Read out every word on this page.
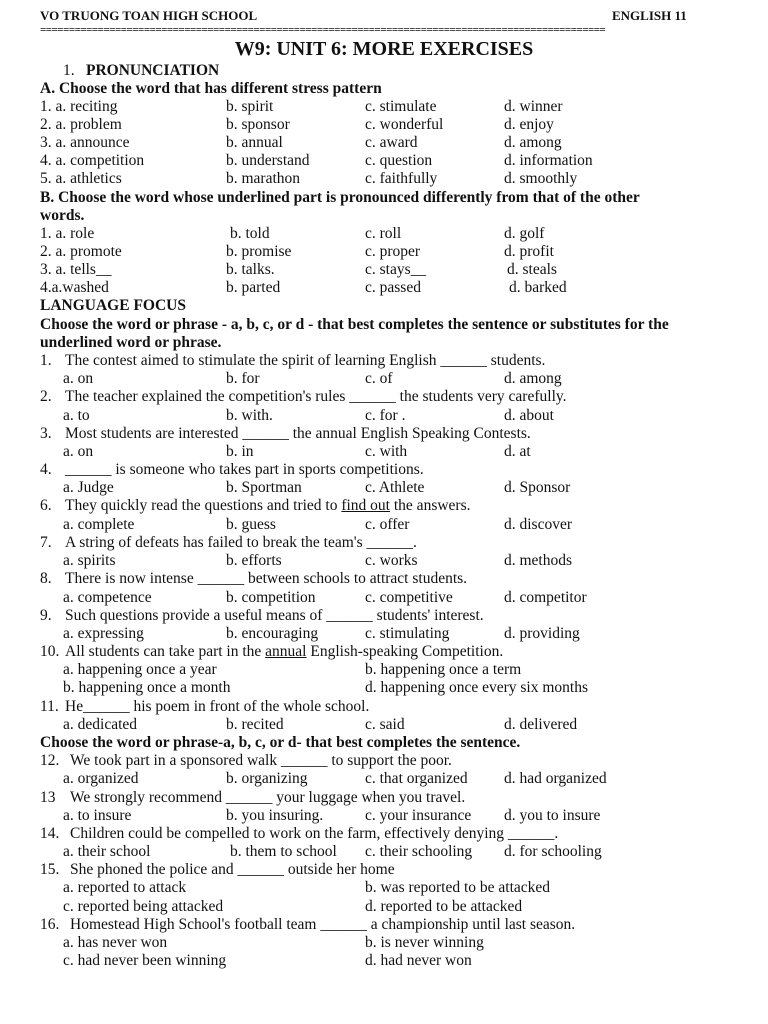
VO TRUONG TOAN HIGH SCHOOL	ENGLISH 11
==================================================================================================
W9: UNIT 6: MORE EXERCISES
1. PRONUNCIATION
A. Choose the word that has different stress pattern
1. a. reciting	b. spirit	c. stimulate	d. winner
2. a. problem	b. sponsor	c. wonderful	d. enjoy
3. a. announce	b. annual	c. award	d. among
4. a. competition	b. understand	c. question	d. information
5. a. athletics	b. marathon	c. faithfully	d. smoothly
B. Choose the word whose underlined part is pronounced differently from that of the other
words.
1. a. role	b. told	c. roll	d. golf
2. a. promote	b. promise	c. proper	d. profit
3. a. tells__	b. talks.	c. stays__	d. steals
4.a.washed	b. parted	c. passed	d. barked
LANGUAGE FOCUS
Choose the word or phrase - a, b, c, or d - that best completes the sentence or substitutes for the
underlined word or phrase.
1. The contest aimed to stimulate the spirit of learning English ______ students.
a. on	b. for	c. of	d. among
2. The teacher explained the competition's rules ______ the students very carefully.
a. to	b. with.	c. for .	d. about
3. Most students are interested ______ the annual English Speaking Contests.
a. on	b. in	c. with	d. at
4. ______ is someone who takes part in sports competitions.
a. Judge	b. Sportman	c. Athlete	d. Sponsor
6. They quickly read the questions and tried to find out the answers.
a. complete	b. guess	c. offer	d. discover
7. A string of defeats has failed to break the team's ______.
a. spirits	b. efforts	c. works	d. methods
8. There is now intense ______ between schools to attract students.
a. competence	b. competition	c. competitive	d. competitor
9. Such questions provide a useful means of ______ students' interest.
a. expressing	b. encouraging	c. stimulating	d. providing
10. All students can take part in the annual English-speaking Competition.
a. happening once a year	b. happening once a term
b. happening once a month	d. happening once every six months
11. He______ his poem in front of the whole school.
a. dedicated	b. recited	c. said	d. delivered
Choose the word or phrase-a, b, c, or d- that best completes the sentence.
12. We took part in a sponsored walk ______ to support the poor.
a. organized	b. organizing	c. that organized d. had organized
13 We strongly recommend ______ your luggage when you travel.
a. to insure	b. you insuring.	c. your insurance d. you to insure
14. Children could be compelled to work on the farm, effectively denying ______.
a. their school	b. them to school c. their schooling d. for schooling
15. She phoned the police and ______ outside her home
a. reported to attack	b. was reported to be attacked
c. reported being attacked	d. reported to be attacked
16. Homestead High School's football team ______ a championship until last season.
a. has never won	b. is never winning
c. had never been winning	d. had never won
